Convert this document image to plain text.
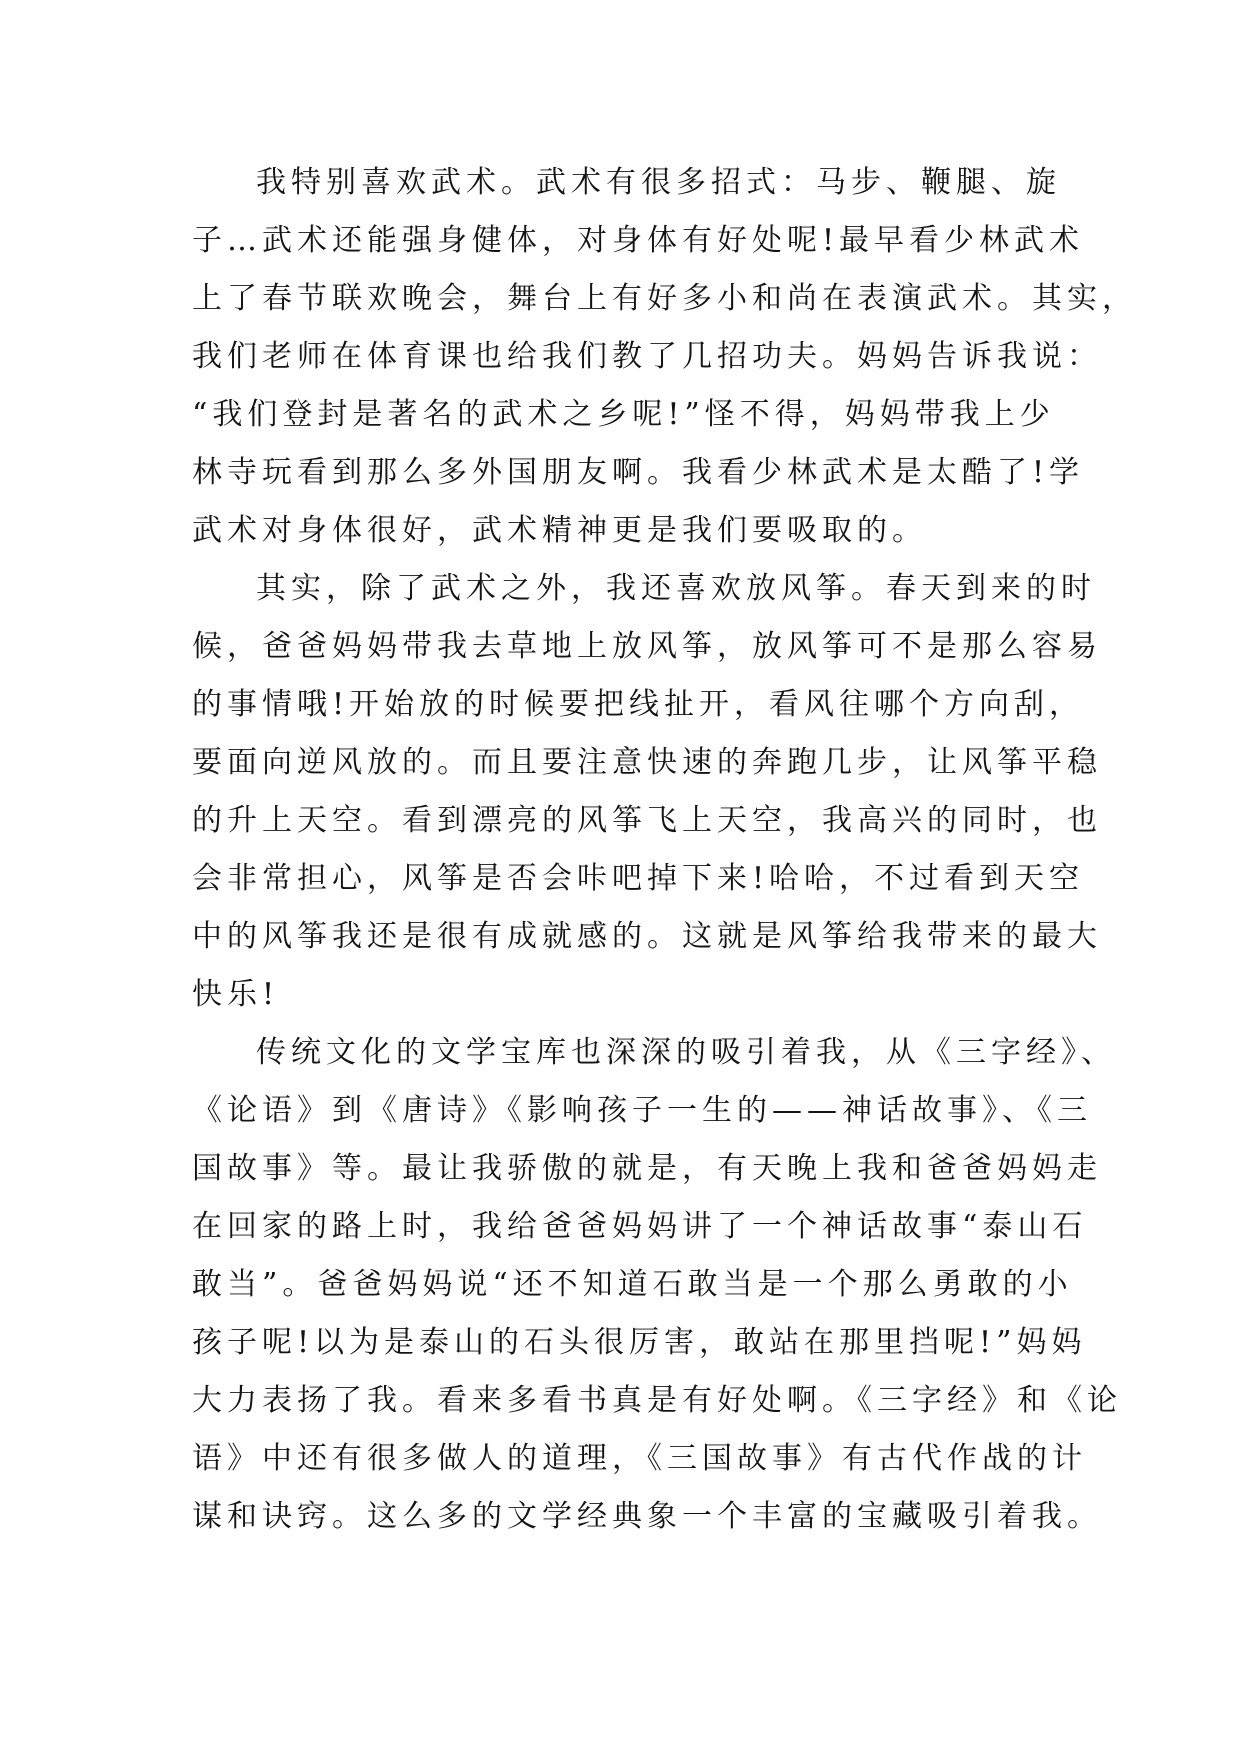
我特别喜欢武术。武术有很多招式：马步、鞭腿、旋
子…武术还能强身健体，对身体有好处呢!最早看少林武术
上了春节联欢晚会，舞台上有好多小和尚在表演武术。其实，
我们老师在体育课也给我们教了几招功夫。妈妈告诉我说：
“我们登封是著名的武术之乡呢!”怪不得，妈妈带我上少
林寺玩看到那么多外国朋友啊。我看少林武术是太酷了!学
武术对身体很好，武术精神更是我们要吸取的。
其实，除了武术之外，我还喜欢放风筝。春天到来的时
候，爸爸妈妈带我去草地上放风筝，放风筝可不是那么容易
的事情哦!开始放的时候要把线扯开，看风往哪个方向刮，
要面向逆风放的。而且要注意快速的奔跑几步，让风筝平稳
的升上天空。看到漂亮的风筝飞上天空，我高兴的同时，也
会非常担心，风筝是否会咔吧掉下来!哈哈，不过看到天空
中的风筝我还是很有成就感的。这就是风筝给我带来的最大
快乐!
传统文化的文学宝库也深深的吸引着我，从《三字经》、
《论语》到《唐诗》《影响孩子一生的——神话故事》、《三
国故事》等。最让我骄傲的就是，有天晚上我和爸爸妈妈走
在回家的路上时，我给爸爸妈妈讲了一个神话故事“泰山石
敢当”。爸爸妈妈说“还不知道石敢当是一个那么勇敢的小
孩子呢!以为是泰山的石头很厉害，敢站在那里挡呢!”妈妈
大力表扬了我。看来多看书真是有好处啊。《三字经》和《论
语》中还有很多做人的道理，《三国故事》有古代作战的计
谋和诀窍。这么多的文学经典象一个丰富的宝藏吸引着我。
